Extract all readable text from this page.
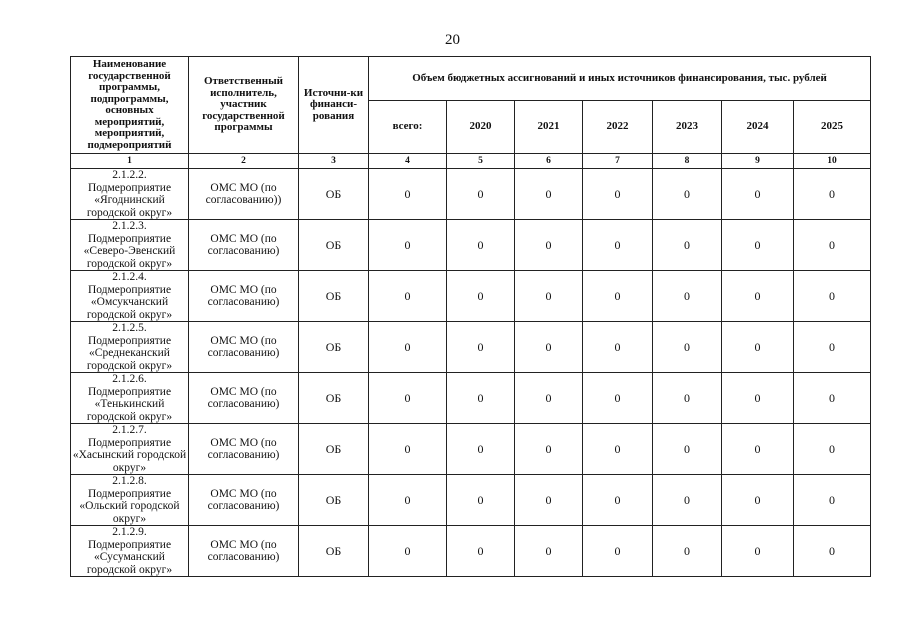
20
Наименование государственной программы, подпрограммы, основных мероприятий, мероприятий, подмероприятий	Ответственный исполнитель, участник государственной программы	Источни-ки финанси-рования	Объем бюджетных ассигнований и иных источников финансирования, тыс. рублей						
			всего:	2020	2021	2022	2023	2024	2025
1	2	3	4	5	6	7	8	9	10
2.1.2.2. Подмероприятие «Ягоднинский городской округ»	ОМС МО (по согласованию))	ОБ	0	0	0	0	0	0	0
2.1.2.3. Подмероприятие «Северо-Эвенский городской округ»	ОМС МО (по согласованию)	ОБ	0	0	0	0	0	0	0
2.1.2.4. Подмероприятие «Омсукчанский городской округ»	ОМС МО (по согласованию)	ОБ	0	0	0	0	0	0	0
2.1.2.5. Подмероприятие «Среднеканский городской округ»	ОМС МО (по согласованию)	ОБ	0	0	0	0	0	0	0
2.1.2.6. Подмероприятие «Тенькинский городской округ»	ОМС МО (по согласованию)	ОБ	0	0	0	0	0	0	0
2.1.2.7. Подмероприятие «Хасынский городской округ»	ОМС МО (по согласованию)	ОБ	0	0	0	0	0	0	0
2.1.2.8. Подмероприятие «Ольский городской округ»	ОМС МО (по согласованию)	ОБ	0	0	0	0	0	0	0
2.1.2.9. Подмероприятие «Сусуманский городской округ»	ОМС МО (по согласованию)	ОБ	0	0	0	0	0	0	0
